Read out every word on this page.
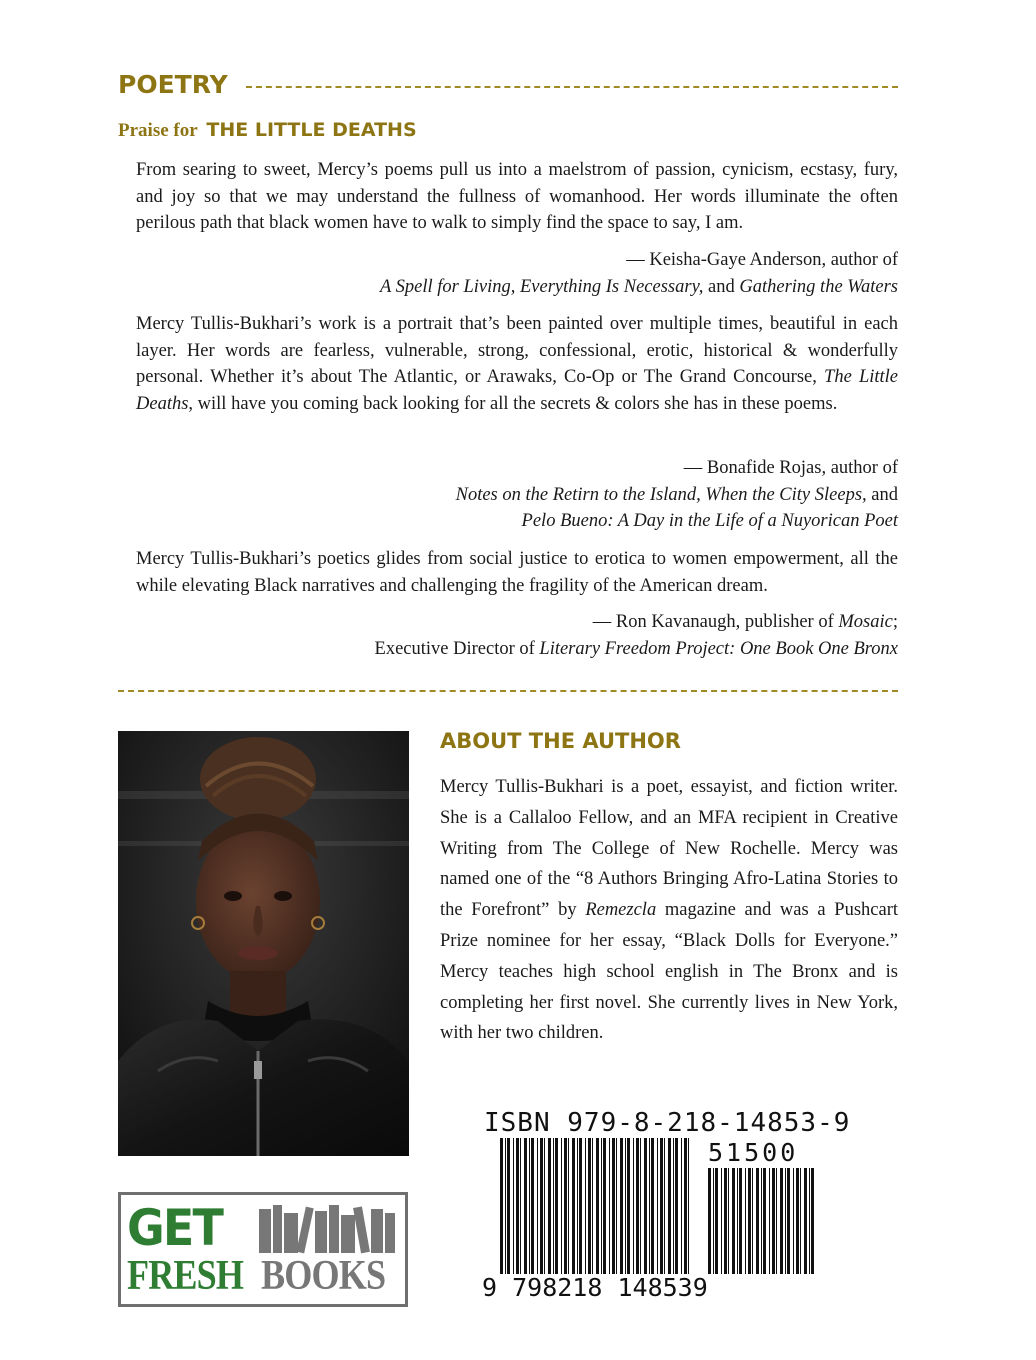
POETRY
Praise for THE LITTLE DEATHS
From searing to sweet, Mercy’s poems pull us into a maelstrom of passion, cynicism, ecstasy, fury, and joy so that we may understand the fullness of womanhood. Her words illuminate the often perilous path that black women have to walk to simply find the space to say, I am.
— Keisha-Gaye Anderson, author of
A Spell for Living, Everything Is Necessary, and Gathering the Waters
Mercy Tullis-Bukhari’s work is a portrait that’s been painted over multiple times, beautiful in each layer. Her words are fearless, vulnerable, strong, confessional, erotic, historical & wonderfully personal. Whether it’s about The Atlantic, or Arawaks, Co-Op or The Grand Concourse, The Little Deaths, will have you coming back looking for all the secrets & colors she has in these poems.
— Bonafide Rojas, author of
Notes on the Retirn to the Island, When the City Sleeps, and
Pelo Bueno: A Day in the Life of a Nuyorican Poet
Mercy Tullis-Bukhari’s poetics glides from social justice to erotica to women empowerment, all the while elevating Black narratives and challenging the fragility of the American dream.
— Ron Kavanaugh, publisher of Mosaic;
Executive Director of Literary Freedom Project: One Book One Bronx
ABOUT THE AUTHOR
Mercy Tullis-Bukhari is a poet, essayist, and fiction writer. She is a Callaloo Fellow, and an MFA recipient in Creative Writing from The College of New Rochelle. Mercy was named one of the “8 Authors Bringing Afro-Latina Stories to the Forefront” by Remezcla magazine and was a Pushcart Prize nominee for her essay, “Black Dolls for Everyone.” Mercy teaches high school english in The Bronx and is completing her first novel. She currently lives in New York, with her two children.
GET
FRESH BOOKS
ISBN 979-8-218-14853-9
51500
9 798218 148539
